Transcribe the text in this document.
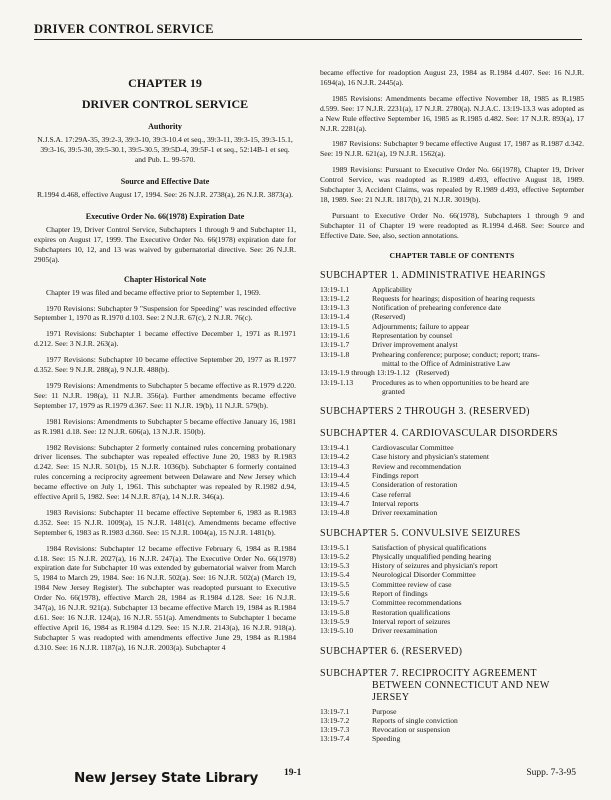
DRIVER CONTROL SERVICE
CHAPTER 19
DRIVER CONTROL SERVICE
Authority

N.J.S.A. 17:29A-35, 39:2-3, 39:3-10, 39:3-10.4 et seq., 39:3-11, 39:3-15, 39:3-15.1, 39:3-16, 39:5-30, 39:5-30.1, 39:5-30.5, 39:5D-4, 39:5F-1 et seq., 52:14B-1 et seq. and Pub. L. 99-570.

Source and Effective Date

R.1994 d.468, effective August 17, 1994. See: 26 N.J.R. 2738(a), 26 N.J.R. 3873(a).

Executive Order No. 66(1978) Expiration Date

Chapter 19, Driver Control Service, Subchapters 1 through 9 and Subchapter 11, expires on August 17, 1999. The Executive Order No. 66(1978) expiration date for Subchapters 10, 12, and 13 was waived by gubernatorial directive. See: 26 N.J.R. 2905(a).

Chapter Historical Note

Chapter 19 was filed and became effective prior to September 1, 1969.

1970 Revisions: Subchapter 9 "Suspension for Speeding" was rescinded effective September 1, 1970 as R.1970 d.103. See: 2 N.J.R. 67(c), 2 N.J.R. 76(c).

1971 Revisions: Subchapter 1 became effective December 1, 1971 as R.1971 d.212. See: 3 N.J.R. 263(a).

1977 Revisions: Subchapter 10 became effective September 20, 1977 as R.1977 d.352. See: 9 N.J.R. 288(a), 9 N.J.R. 488(b).

1979 Revisions: Amendments to Subchapter 5 became effective as R.1979 d.220. See: 11 N.J.R. 198(a), 11 N.J.R. 356(a). Further amendments became effective September 17, 1979 as R.1979 d.367. See: 11 N.J.R. 19(b), 11 N.J.R. 579(b).

1981 Revisions: Amendments to Subchapter 5 became effective January 16, 1981 as R.1981 d.18. See: 12 N.J.R. 606(a), 13 N.J.R. 150(b).

1982 Revisions: Subchapter 2 formerly contained rules concerning probationary driver licenses. The subchapter was repealed effective June 20, 1983 by R.1983 d.242. See: 15 N.J.R. 501(b), 15 N.J.R. 1036(b). Subchapter 6 formerly contained rules concerning a reciprocity agreement between Delaware and New Jersey which became effective on July 1, 1961. This subchapter was repealed by R.1982 d.94, effective April 5, 1982. See: 14 N.J.R. 87(a), 14 N.J.R. 346(a).

1983 Revisions: Subchapter 11 became effective September 6, 1983 as R.1983 d.352. See: 15 N.J.R. 1009(a), 15 N.J.R. 1481(c). Amendments became effective September 6, 1983 as R.1983 d.360. See: 15 N.J.R. 1004(a), 15 N.J.R. 1481(b).

1984 Revisions: Subchapter 12 became effective February 6, 1984 as R.1984 d.18. See: 15 N.J.R. 2027(a), 16 N.J.R. 247(a). The Executive Order No. 66(1978) expiration date for Subchapter 10 was extended by gubernatorial waiver from March 5, 1984 to March 29, 1984. See: 16 N.J.R. 502(a). See: 16 N.J.R. 502(a) (March 19, 1984 New Jersey Register). The subchapter was readopted pursuant to Executive Order No. 66(1978), effective March 28, 1984 as R.1984 d.128. See: 16 N.J.R. 347(a), 16 N.J.R. 921(a). Subchapter 13 became effective March 19, 1984 as R.1984 d.61. See: 16 N.J.R. 124(a), 16 N.J.R. 551(a). Amendments to Subchapter 1 became effective April 16, 1984 as R.1984 d.129. See: 15 N.J.R. 2143(a), 16 N.J.R. 918(a). Subchapter 5 was readopted with amendments effective June 29, 1984 as R.1984 d.310. See: 16 N.J.R. 1187(a), 16 N.J.R. 2003(a). Subchapter 4

became effective for readoption August 23, 1984 as R.1984 d.407. See: 16 N.J.R. 1694(a), 16 N.J.R. 2445(a).

1985 Revisions: Amendments became effective November 18, 1985 as R.1985 d.599. See: 17 N.J.R. 2231(a), 17 N.J.R. 2780(a). N.J.A.C. 13:19-13.3 was adopted as a New Rule effective September 16, 1985 as R.1985 d.482. See: 17 N.J.R. 893(a), 17 N.J.R. 2281(a).

1987 Revisions: Subchapter 9 became effective August 17, 1987 as R.1987 d.342. See: 19 N.J.R. 621(a), 19 N.J.R. 1562(a).

1989 Revisions: Pursuant to Executive Order No. 66(1978), Chapter 19, Driver Control Service, was readopted as R.1989 d.493, effective August 18, 1989. Subchapter 3, Accident Claims, was repealed by R.1989 d.493, effective September 18, 1989. See: 21 N.J.R. 1817(b), 21 N.J.R. 3019(b).

Pursuant to Executive Order No. 66(1978), Subchapters 1 through 9 and Subchapter 11 of Chapter 19 were readopted as R.1994 d.468. See: Source and Effective Date. See, also, section annotations.

CHAPTER TABLE OF CONTENTS
SUBCHAPTER 1. ADMINISTRATIVE HEARINGS
13:19-1.1	Applicability
13:19-1.2	Requests for hearings; disposition of hearing requests
13:19-1.3	Notification of prehearing conference date
13:19-1.4	(Reserved)
13:19-1.5	Adjournments; failure to appear
13:19-1.6	Representation by counsel
13:19-1.7	Driver improvement analyst
13:19-1.8	Prehearing conference; purpose; conduct; report; trans-
mittal to the Office of Administrative Law
13:19-1.9 through 13:19-1.12 (Reserved)
13:19-1.13	Procedures as to when opportunities to be heard are
granted
SUBCHAPTERS 2 THROUGH 3. (RESERVED)
SUBCHAPTER 4. CARDIOVASCULAR DISORDERS
13:19-4.1	Cardiovascular Committee
13:19-4.2	Case history and physician's statement
13:19-4.3	Review and recommendation
13:19-4.4	Findings report
13:19-4.5	Consideration of restoration
13:19-4.6	Case referral
13:19-4.7	Interval reports
13:19-4.8	Driver reexamination
SUBCHAPTER 5. CONVULSIVE SEIZURES
13:19-5.1	Satisfaction of physical qualifications
13:19-5.2	Physically unqualified pending hearing
13:19-5.3	History of seizures and physician's report
13:19-5.4	Neurological Disorder Committee
13:19-5.5	Committee review of case
13:19-5.6	Report of findings
13:19-5.7	Committee recommendations
13:19-5.8	Restoration qualifications
13:19-5.9	Interval report of seizures
13:19-5.10	Driver reexamination
SUBCHAPTER 6. (RESERVED)
SUBCHAPTER 7. RECIPROCITY AGREEMENT
BETWEEN CONNECTICUT AND NEW JERSEY
13:19-7.1	Purpose
13:19-7.2	Reports of single conviction
13:19-7.3	Revocation or suspension
13:19-7.4	Speeding
New Jersey State Library	19-1	Supp. 7-3-95
